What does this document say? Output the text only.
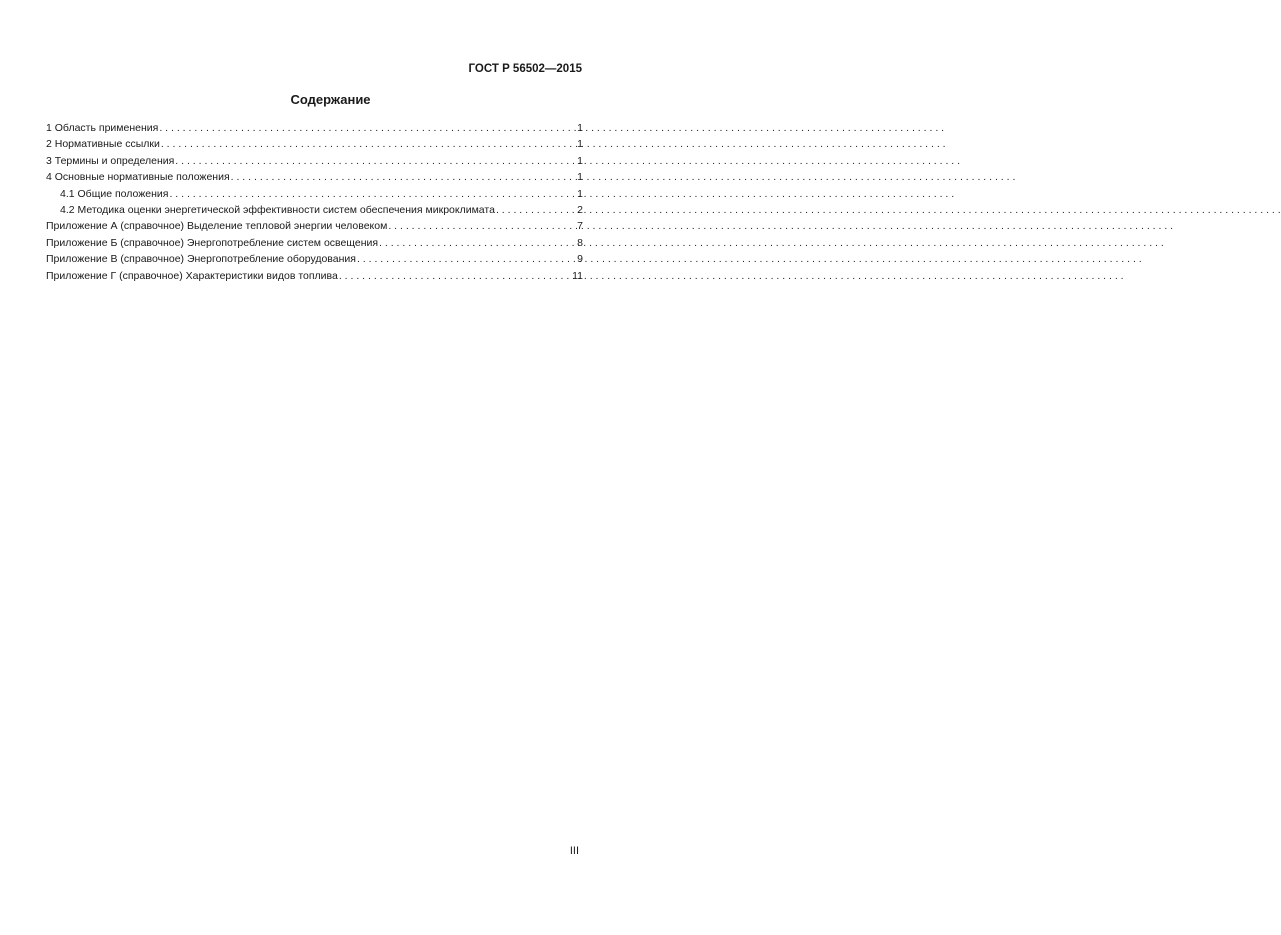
ГОСТ Р 56502—2015
Содержание
1 Область применения . . .	1
2 Нормативные ссылки . . .	1
3 Термины и определения . . .	1
4 Основные нормативные положения . . .	1
4.1 Общие положения . . .	1
4.2 Методика оценки энергетической эффективности систем обеспечения микроклимата . . .	2
Приложение А (справочное) Выделение тепловой энергии человеком . . .	7
Приложение Б (справочное) Энергопотребление систем освещения . . .	8
Приложение В (справочное) Энергопотребление оборудования . . .	9
Приложение Г (справочное) Характеристики видов топлива . . .	11
III
